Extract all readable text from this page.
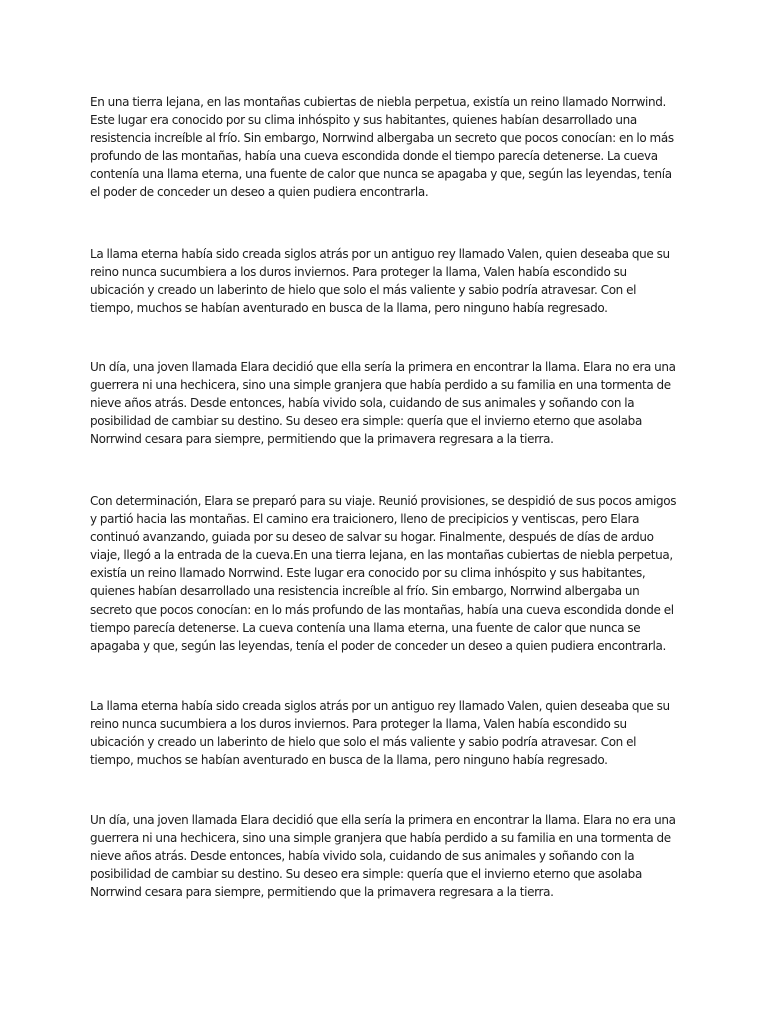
En una tierra lejana, en las montañas cubiertas de niebla perpetua, existía un reino llamado Norrwind. Este lugar era conocido por su clima inhóspito y sus habitantes, quienes habían desarrollado una resistencia increíble al frío. Sin embargo, Norrwind albergaba un secreto que pocos conocían: en lo más profundo de las montañas, había una cueva escondida donde el tiempo parecía detenerse. La cueva contenía una llama eterna, una fuente de calor que nunca se apagaba y que, según las leyendas, tenía el poder de conceder un deseo a quien pudiera encontrarla.

La llama eterna había sido creada siglos atrás por un antiguo rey llamado Valen, quien deseaba que su reino nunca sucumbiera a los duros inviernos. Para proteger la llama, Valen había escondido su ubicación y creado un laberinto de hielo que solo el más valiente y sabio podría atravesar. Con el tiempo, muchos se habían aventurado en busca de la llama, pero ninguno había regresado.

Un día, una joven llamada Elara decidió que ella sería la primera en encontrar la llama. Elara no era una guerrera ni una hechicera, sino una simple granjera que había perdido a su familia en una tormenta de nieve años atrás. Desde entonces, había vivido sola, cuidando de sus animales y soñando con la posibilidad de cambiar su destino. Su deseo era simple: quería que el invierno eterno que asolaba Norrwind cesara para siempre, permitiendo que la primavera regresara a la tierra.

Con determinación, Elara se preparó para su viaje. Reunió provisiones, se despidió de sus pocos amigos y partió hacia las montañas. El camino era traicionero, lleno de precipicios y ventiscas, pero Elara continuó avanzando, guiada por su deseo de salvar su hogar. Finalmente, después de días de arduo viaje, llegó a la entrada de la cueva.En una tierra lejana, en las montañas cubiertas de niebla perpetua, existía un reino llamado Norrwind. Este lugar era conocido por su clima inhóspito y sus habitantes, quienes habían desarrollado una resistencia increíble al frío. Sin embargo, Norrwind albergaba un secreto que pocos conocían: en lo más profundo de las montañas, había una cueva escondida donde el tiempo parecía detenerse. La cueva contenía una llama eterna, una fuente de calor que nunca se apagaba y que, según las leyendas, tenía el poder de conceder un deseo a quien pudiera encontrarla.

La llama eterna había sido creada siglos atrás por un antiguo rey llamado Valen, quien deseaba que su reino nunca sucumbiera a los duros inviernos. Para proteger la llama, Valen había escondido su ubicación y creado un laberinto de hielo que solo el más valiente y sabio podría atravesar. Con el tiempo, muchos se habían aventurado en busca de la llama, pero ninguno había regresado.

Un día, una joven llamada Elara decidió que ella sería la primera en encontrar la llama. Elara no era una guerrera ni una hechicera, sino una simple granjera que había perdido a su familia en una tormenta de nieve años atrás. Desde entonces, había vivido sola, cuidando de sus animales y soñando con la posibilidad de cambiar su destino. Su deseo era simple: quería que el invierno eterno que asolaba Norrwind cesara para siempre, permitiendo que la primavera regresara a la tierra.
